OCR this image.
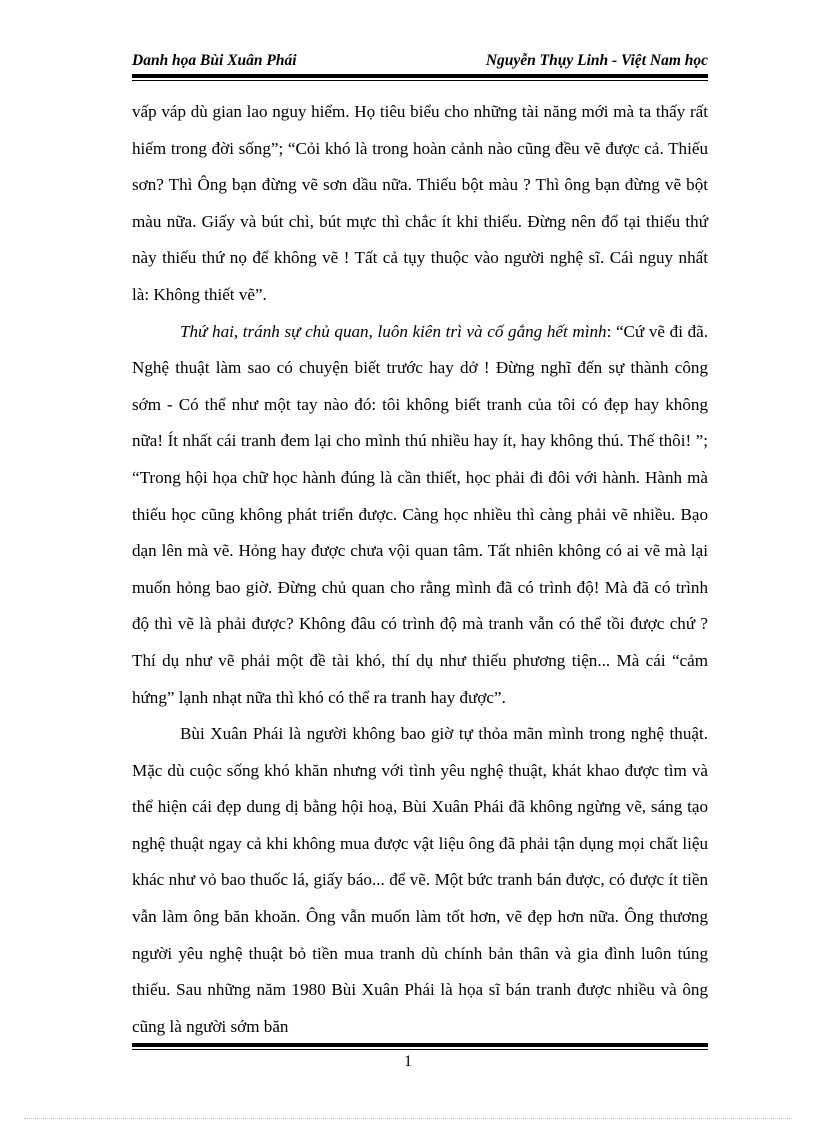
Danh họa Bùi Xuân Phái	Nguyễn Thụy Linh - Việt Nam học

vấp váp dù gian lao nguy hiểm. Họ tiêu biểu cho những tài năng mới mà ta thấy rất hiếm trong đời sống”; “Cỏi khó là trong hoàn cảnh nào cũng đều vẽ được cả. Thiếu sơn? Thì Ông bạn đừng vẽ sơn dầu nữa. Thiếu bột màu ? Thì ông bạn đừng vẽ bột màu nữa. Giấy và bút chì, bút mực thì chắc ít khi thiếu. Đừng nên đổ tại thiếu thứ này thiếu thứ nọ để không vẽ ! Tất cả tụy thuộc vào người nghệ sĩ. Cái nguy nhất là: Không thiết vẽ”.

Thứ hai, tránh sự chủ quan, luôn kiên trì và cố gắng hết mình: “Cứ vẽ đi đã. Nghệ thuật làm sao có chuyện biết trước hay dở ! Đừng nghĩ đến sự thành công sớm - Có thể như một tay nào đó: tôi không biết tranh của tôi có đẹp hay không nữa! Ít nhất cái tranh đem lại cho mình thú nhiều hay ít, hay không thú. Thế thôi! ”; “Trong hội họa chữ học hành đúng là cần thiết, học phải đi đôi với hành. Hành mà thiếu học cũng không phát triển được. Càng học nhiều thì càng phải vẽ nhiều. Bạo dạn lên mà vẽ. Hỏng hay được chưa vội quan tâm. Tất nhiên không có ai vẽ mà lại muốn hỏng bao giờ. Đừng chủ quan cho rằng mình đã có trình độ! Mà đã có trình độ thì vẽ là phải được? Không đâu có trình độ mà tranh vẫn có thể tồi được chứ ? Thí dụ như vẽ phải một đề tài khó, thí dụ như thiếu phương tiện... Mà cái “cảm hứng” lạnh nhạt nữa thì khó có thể ra tranh hay được”.

Bùi Xuân Phái là người không bao giờ tự thỏa mãn mình trong nghệ thuật. Mặc dù cuộc sống khó khăn nhưng với tình yêu nghệ thuật, khát khao được tìm và thể hiện cái đẹp dung dị bằng hội hoạ, Bùi Xuân Phái đã không ngừng vẽ, sáng tạo nghệ thuật ngay cả khi không mua được vật liệu ông đã phải tận dụng mọi chất liệu khác như vỏ bao thuốc lá, giấy báo... để vẽ. Một bức tranh bán được, có được ít tiền vẫn làm ông băn khoăn. Ông vẫn muốn làm tốt hơn, vẽ đẹp hơn nữa. Ông thương người yêu nghệ thuật bỏ tiền mua tranh dù chính bản thân và gia đình luôn túng thiếu. Sau những năm 1980 Bùi Xuân Phái là họa sĩ bán tranh được nhiều và ông cũng là người sớm băn

1
